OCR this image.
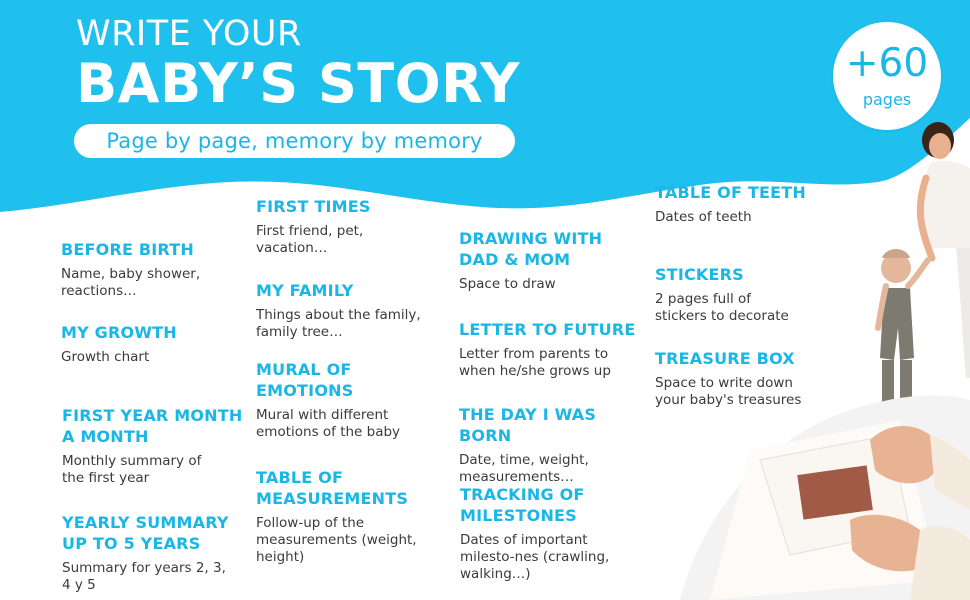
WRITE YOUR
BABY’S STORY
Page by page, memory by memory
+60
pages
BEFORE BIRTH

Name, baby shower, reactions…

MY GROWTH

Growth chart

FIRST YEAR MONTH A MONTH

Monthly summary of the first year

YEARLY SUMMARY UP TO 5 YEARS

Summary for years 2, 3, 4 y 5

FIRST TIMES

First friend, pet, vacation…

MY FAMILY

Things about the family, family tree…

MURAL OF EMOTIONS

Mural with different emotions of the baby

TABLE OF MEASUREMENTS

Follow-up of the measurements (weight, height)

DRAWING WITH DAD & MOM

Space to draw

LETTER TO FUTURE

Letter from parents to when he/she grows up

THE DAY I WAS BORN

Date, time, weight, measurements…

TRACKING OF MILESTONES

Dates of important milesto-nes (crawling, walking…)

TABLE OF TEETH

Dates of teeth

STICKERS

2 pages full of stickers to decorate

TREASURE BOX

Space to write down your baby's treasures
